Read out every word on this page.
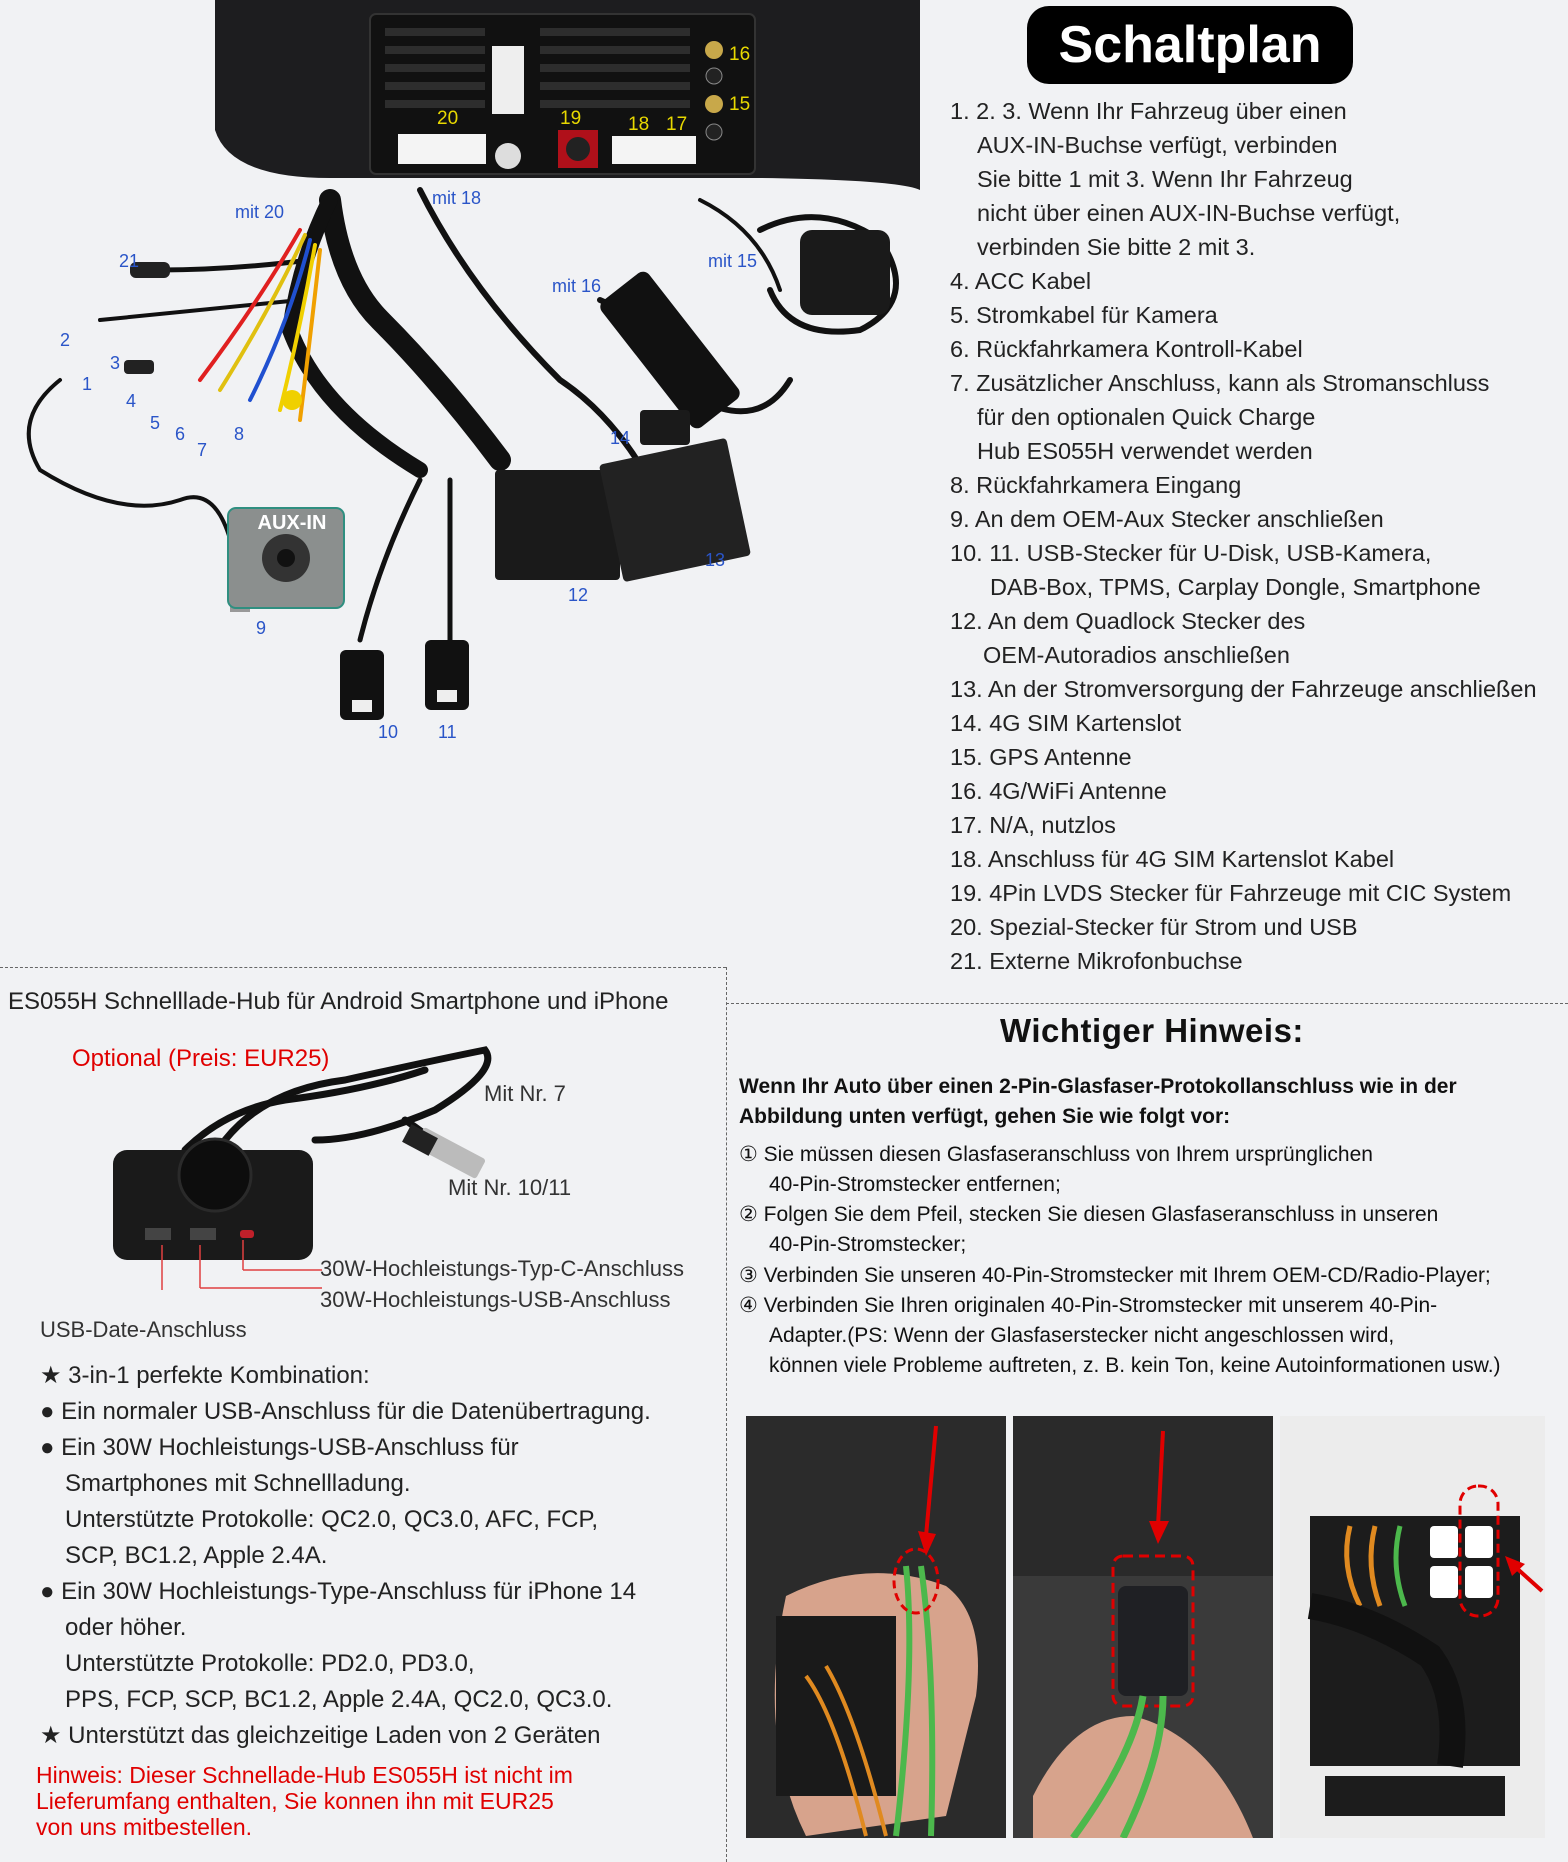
16
15
20	19 18 17
mit 20
mit 18
mit 16
mit 15
21
2
1
3
4
5
6
7
8
9
10 11
12
13
14
AUX-IN
Schaltplan
1. 2. 3. Wenn Ihr Fahrzeug über einen
AUX-IN-Buchse verfügt, verbinden
Sie bitte 1 mit 3. Wenn Ihr Fahrzeug
nicht über einen AUX-IN-Buchse verfügt,
verbinden Sie bitte 2 mit 3.
4. ACC Kabel
5. Stromkabel für Kamera
6. Rückfahrkamera Kontroll-Kabel
7. Zusätzlicher Anschluss, kann als Stromanschluss
für den optionalen Quick Charge
Hub ES055H verwendet werden
8. Rückfahrkamera Eingang
9. An dem OEM-Aux Stecker anschließen
10. 11. USB-Stecker für U-Disk, USB-Kamera,
DAB-Box, TPMS, Carplay Dongle, Smartphone
12. An dem Quadlock Stecker des
OEM-Autoradios anschließen
13. An der Stromversorgung der Fahrzeuge anschließen
14. 4G SIM Kartenslot
15. GPS Antenne
16. 4G/WiFi Antenne
17. N/A, nutzlos
18. Anschluss für 4G SIM Kartenslot Kabel
19. 4Pin LVDS Stecker für Fahrzeuge mit CIC System
20. Spezial-Stecker für Strom und USB
21. Externe Mikrofonbuchse
ES055H Schnelllade-Hub für Android Smartphone und iPhone
Optional (Preis: EUR25)
Mit Nr. 7
Mit Nr. 10/11
30W-Hochleistungs-Typ-C-Anschluss
30W-Hochleistungs-USB-Anschluss
USB-Date-Anschluss
★ 3-in-1 perfekte Kombination:
● Ein normaler USB-Anschluss für die Datenübertragung.
● Ein 30W Hochleistungs-USB-Anschluss für
Smartphones mit Schnellladung.
Unterstützte Protokolle: QC2.0, QC3.0, AFC, FCP,
SCP, BC1.2, Apple 2.4A.
● Ein 30W Hochleistungs-Type-Anschluss für iPhone 14
oder höher.
Unterstützte Protokolle: PD2.0, PD3.0,
PPS, FCP, SCP, BC1.2, Apple 2.4A, QC2.0, QC3.0.
★ Unterstützt das gleichzeitige Laden von 2 Geräten
Hinweis: Dieser Schnellade-Hub ES055H ist nicht im
Lieferumfang enthalten, Sie konnen ihn mit EUR25
von uns mitbestellen.
Wichtiger Hinweis:
Wenn Ihr Auto über einen 2-Pin-Glasfaser-Protokollanschluss wie in der
Abbildung unten verfügt, gehen Sie wie folgt vor:
① Sie müssen diesen Glasfaseranschluss von Ihrem ursprünglichen
40-Pin-Stromstecker entfernen;
② Folgen Sie dem Pfeil, stecken Sie diesen Glasfaseranschluss in unseren
40-Pin-Stromstecker;
③ Verbinden Sie unseren 40-Pin-Stromstecker mit Ihrem OEM-CD/Radio-Player;
④ Verbinden Sie Ihren originalen 40-Pin-Stromstecker mit unserem 40-Pin-
Adapter.(PS: Wenn der Glasfaserstecker nicht angeschlossen wird,
können viele Probleme auftreten, z. B. kein Ton, keine Autoinformationen usw.)
